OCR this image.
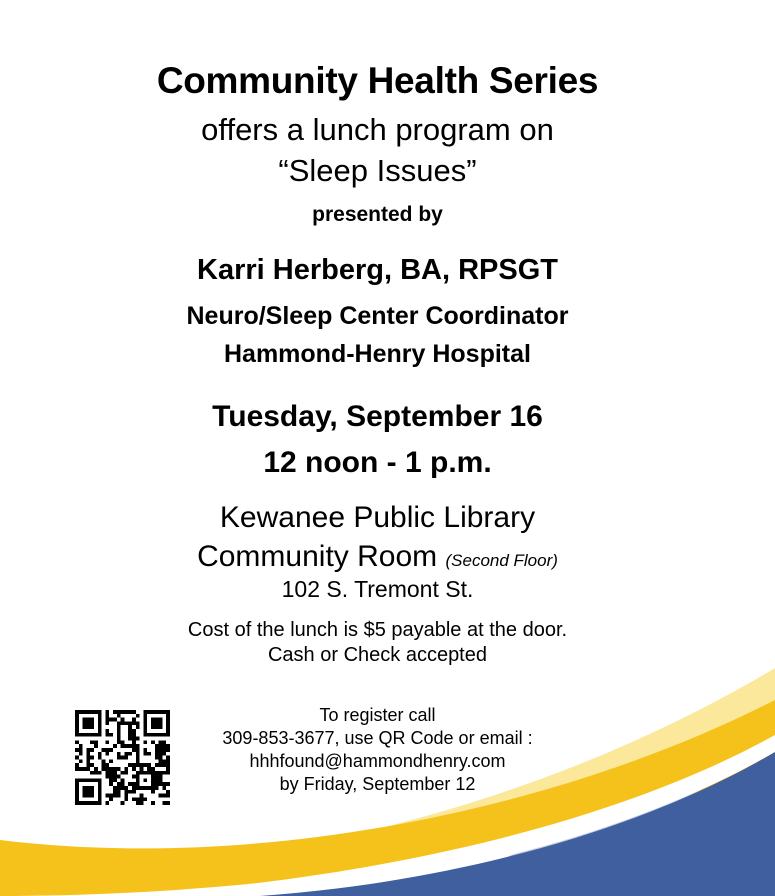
Community Health Series
offers a lunch program on
“Sleep Issues”
presented by
Karri Herberg, BA, RPSGT
Neuro/Sleep Center Coordinator
Hammond-Henry Hospital
Tuesday, September 16
12 noon - 1 p.m.
Kewanee Public Library
Community Room (Second Floor)
102 S. Tremont St.
Cost of the lunch is $5 payable at the door.
Cash or Check accepted
To register call
309-853-3677, use QR Code or email :
hhhfound@hammondhenry.com
by Friday, September 12
